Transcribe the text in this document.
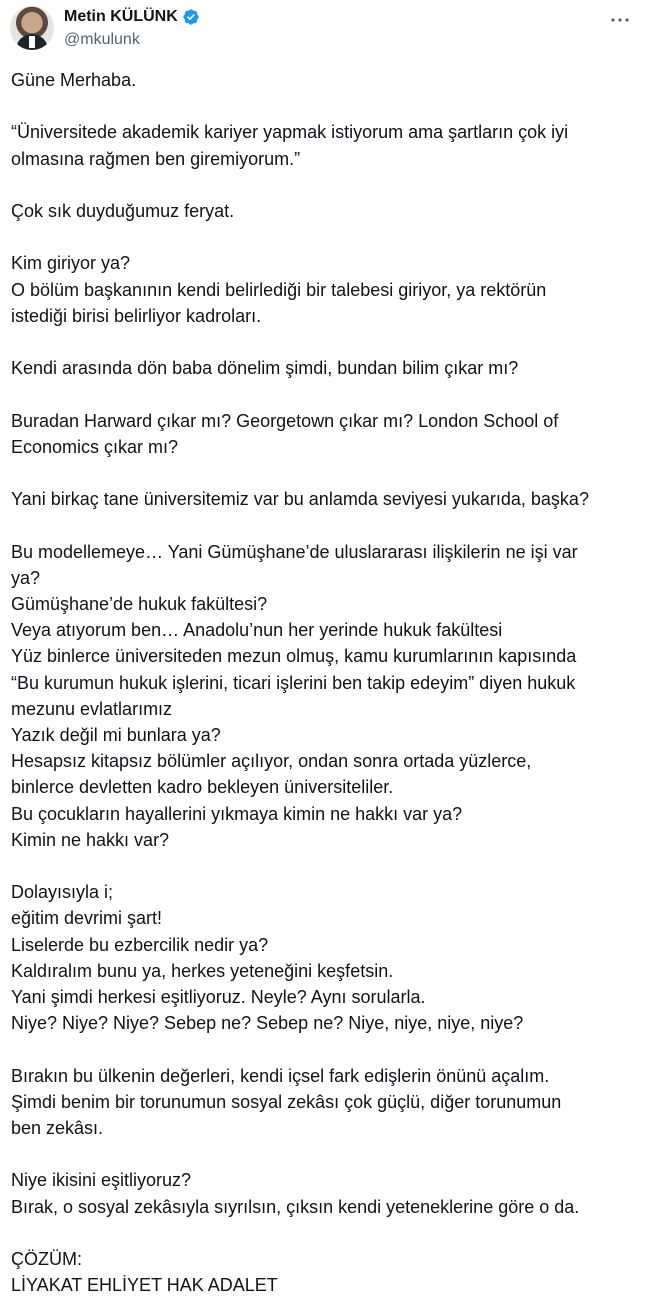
Metin KÜLÜNK
@mkulunk
Güne Merhaba.
“Üniversitede akademik kariyer yapmak istiyorum ama şartların çok iyi
olmasına rağmen ben giremiyorum.”
Çok sık duyduğumuz feryat.
Kim giriyor ya?
O bölüm başkanının kendi belirlediği bir talebesi giriyor, ya rektörün
istediği birisi belirliyor kadroları.
Kendi arasında dön baba dönelim şimdi, bundan bilim çıkar mı?
Buradan Harward çıkar mı? Georgetown çıkar mı? London School of
Economics çıkar mı?
Yani birkaç tane üniversitemiz var bu anlamda seviyesi yukarıda, başka?
Bu modellemeye… Yani Gümüşhane’de uluslararası ilişkilerin ne işi var
ya?
Gümüşhane’de hukuk fakültesi?
Veya atıyorum ben… Anadolu’nun her yerinde hukuk fakültesi
Yüz binlerce üniversiteden mezun olmuş, kamu kurumlarının kapısında
“Bu kurumun hukuk işlerini, ticari işlerini ben takip edeyim” diyen hukuk
mezunu evlatlarımız
Yazık değil mi bunlara ya?
Hesapsız kitapsız bölümler açılıyor, ondan sonra ortada yüzlerce,
binlerce devletten kadro bekleyen üniversiteliler.
Bu çocukların hayallerini yıkmaya kimin ne hakkı var ya?
Kimin ne hakkı var?
Dolayısıyla i;
eğitim devrimi şart!
Liselerde bu ezbercilik nedir ya?
Kaldıralım bunu ya, herkes yeteneğini keşfetsin.
Yani şimdi herkesi eşitliyoruz. Neyle? Aynı sorularla.
Niye? Niye? Niye? Sebep ne? Sebep ne? Niye, niye, niye, niye?
Bırakın bu ülkenin değerleri, kendi içsel fark edişlerin önünü açalım.
Şimdi benim bir torunumun sosyal zekâsı çok güçlü, diğer torunumun
ben zekâsı.
Niye ikisini eşitliyoruz?
Bırak, o sosyal zekâsıyla sıyrılsın, çıksın kendi yeteneklerine göre o da.
ÇÖZÜM:
LİYAKAT EHLİYET HAK ADALET
